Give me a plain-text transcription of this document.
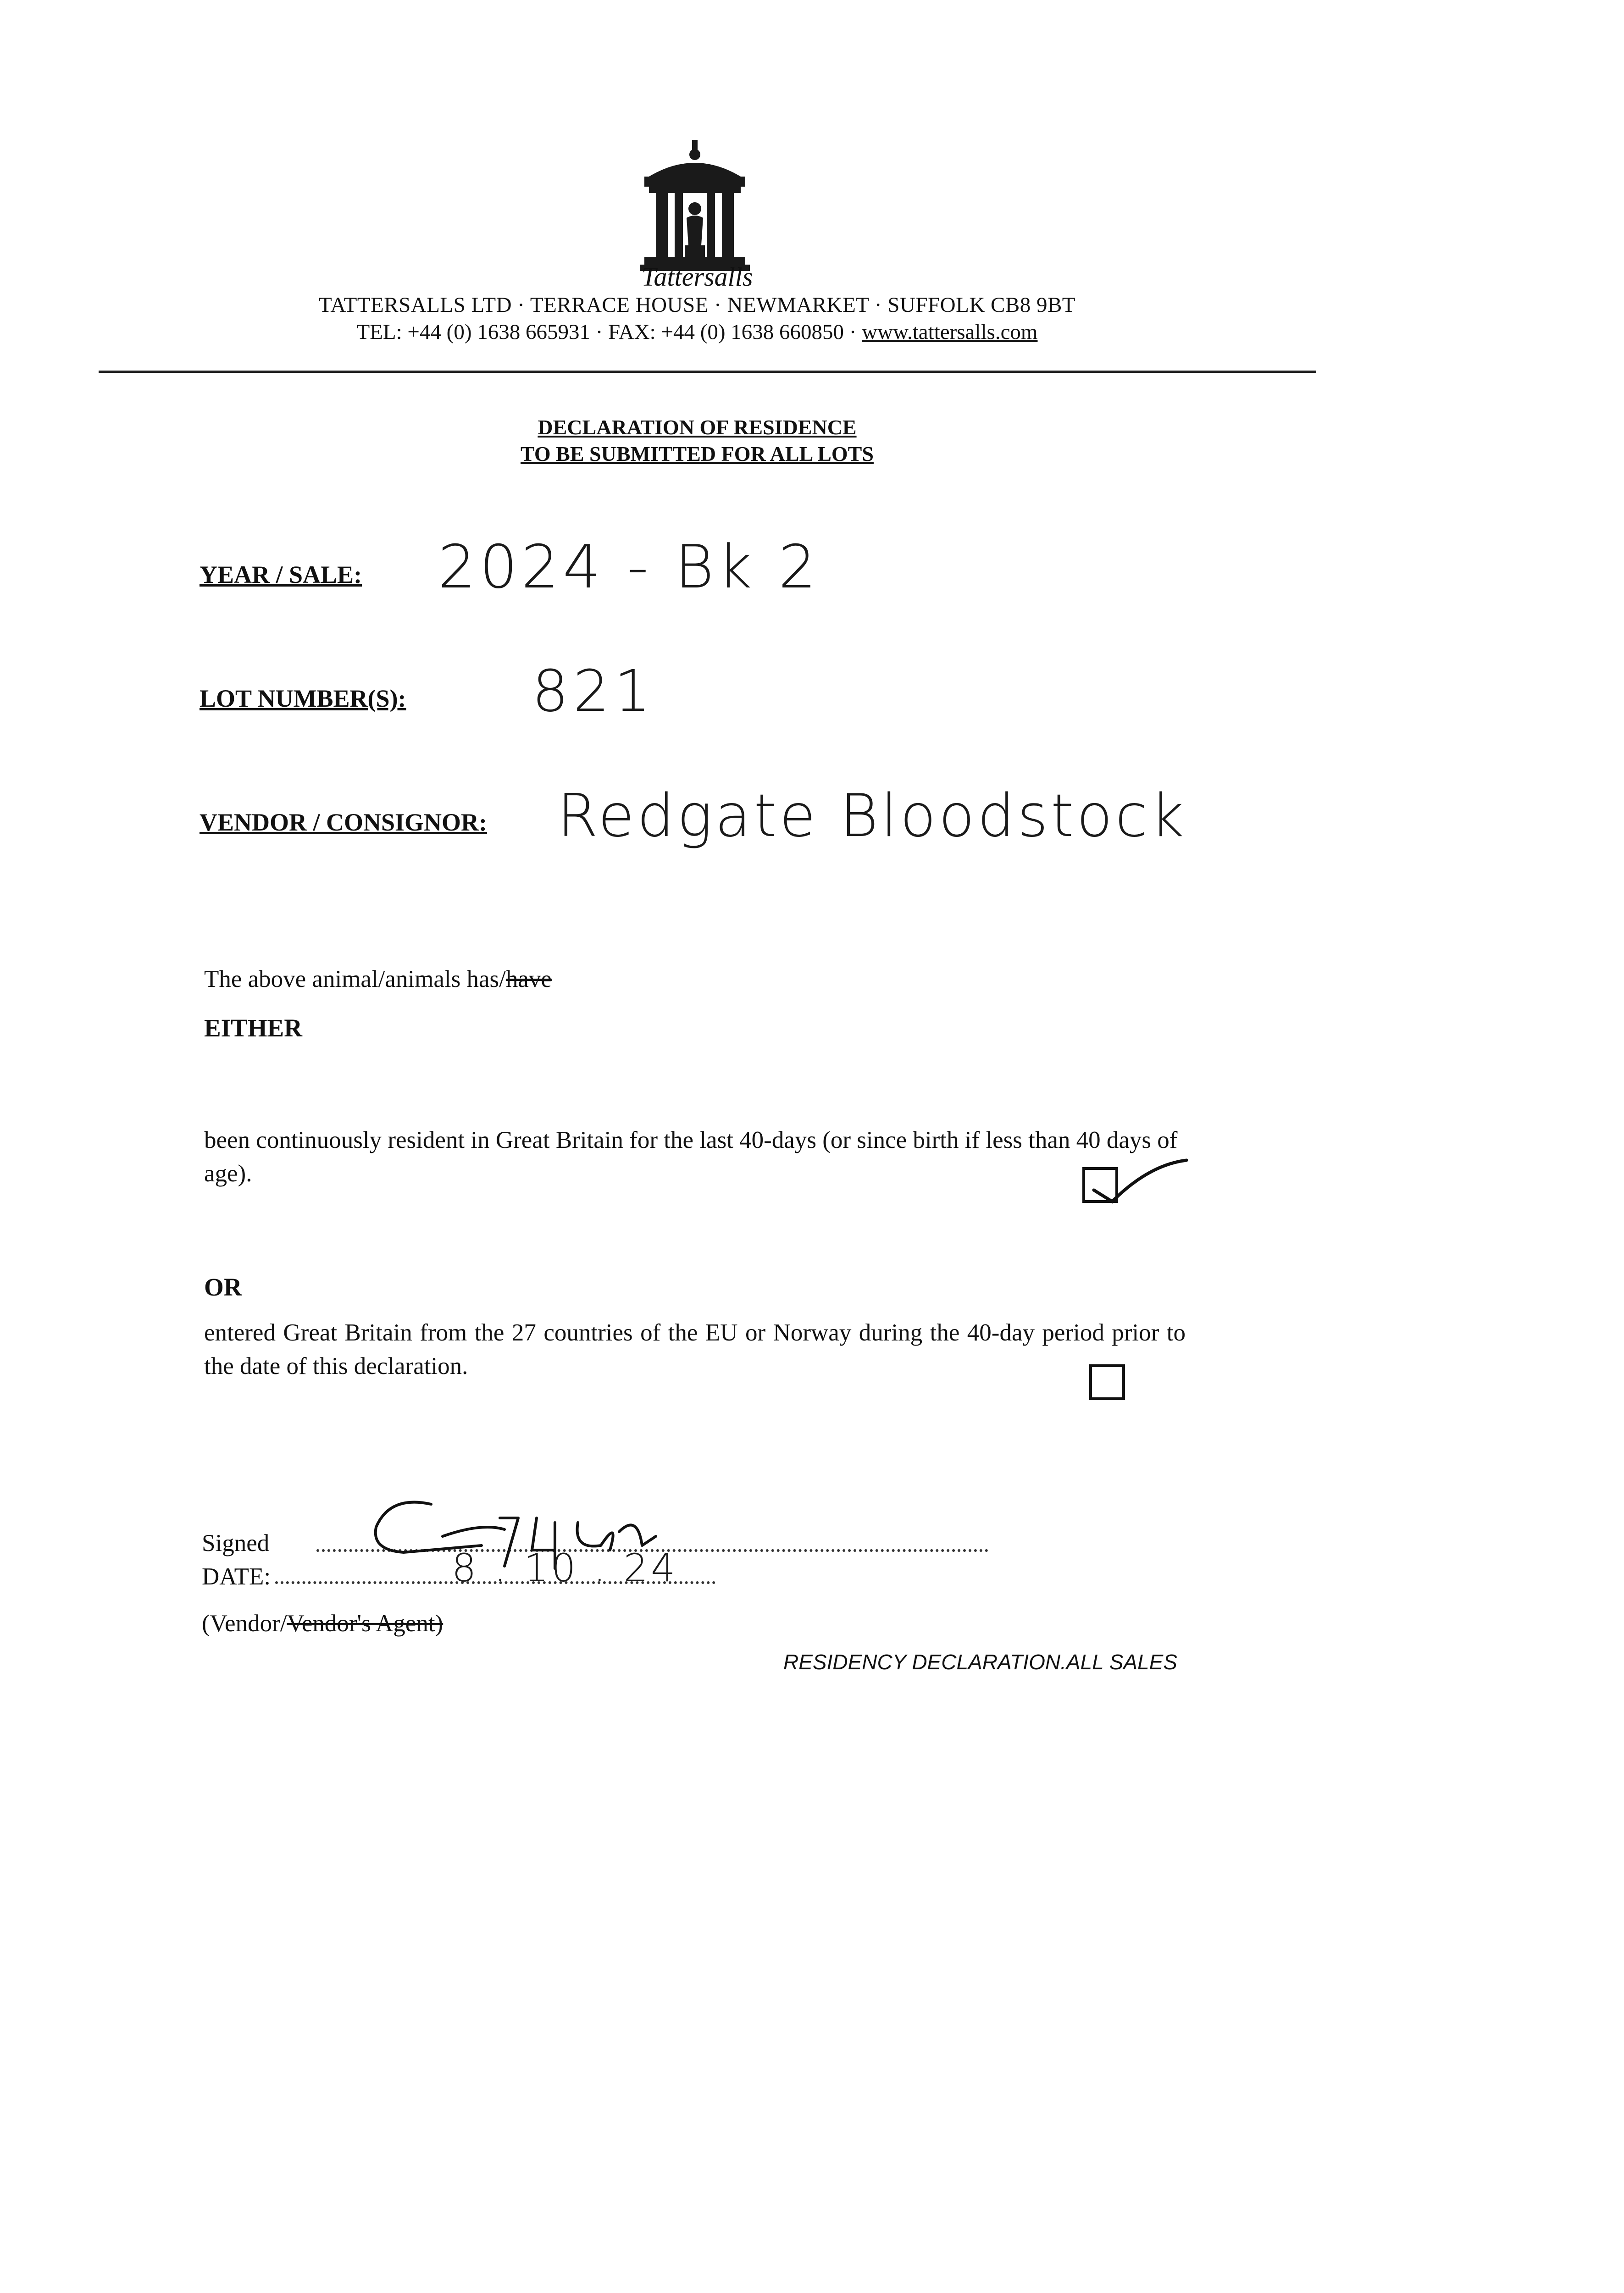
Tattersalls
TATTERSALLS LTD · TERRACE HOUSE · NEWMARKET · SUFFOLK CB8 9BT
TEL: +44 (0) 1638 665931 · FAX: +44 (0) 1638 660850 · www.tattersalls.com
DECLARATION OF RESIDENCE
TO BE SUBMITTED FOR ALL LOTS
YEAR / SALE: 2024 - Bk 2
LOT NUMBER(S): 821
VENDOR / CONSIGNOR: Redgate Bloodstock
The above animal/animals has/have
EITHER
been continuously resident in Great Britain for the last 40-days (or since birth if less than 40 days of age).
OR
entered Great Britain from the 27 countries of the EU or Norway during the 40-day period prior to the date of this declaration.
Signed
DATE:	8 . 10 . 24
(Vendor/Vendor's Agent)
RESIDENCY DECLARATION.ALL SALES
